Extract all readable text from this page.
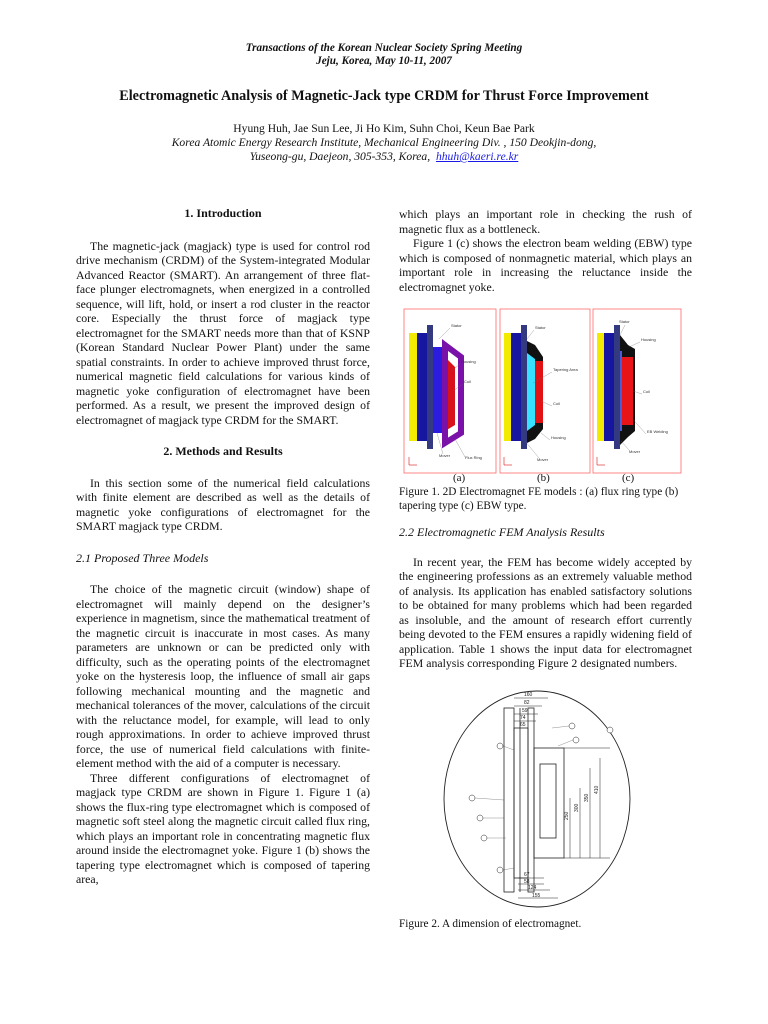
Transactions of the Korean Nuclear Society Spring Meeting
Jeju, Korea, May 10-11, 2007
Electromagnetic Analysis of Magnetic-Jack type CRDM for Thrust Force Improvement
Hyung Huh, Jae Sun Lee, Ji Ho Kim, Suhn Choi, Keun Bae Park
Korea Atomic Energy Research Institute, Mechanical Engineering Div. , 150 Deokjin-dong,
Yuseong-gu, Daejeon, 305-353, Korea, hhuh@kaeri.re.kr

1. Introduction

The magnetic-jack (magjack) type is used for control rod drive mechanism (CRDM) of the System-integrated Modular Advanced Reactor (SMART). An arrangement of three flat-face plunger electromagnets, when energized in a controlled sequence, will lift, hold, or insert a rod cluster in the reactor core. Especially the thrust force of magjack type electromagnet for the SMART needs more than that of KSNP (Korean Standard Nuclear Power Plant) under the same spatial constraints. In order to achieve improved thrust force, numerical magnetic field calculations for various kinds of magnetic yoke configuration of electromagnet have been performed. As a result, we present the improved design of electromagnet of magjack type CRDM for the SMART.

2. Methods and Results

In this section some of the numerical field calculations with finite element are described as well as the details of magnetic yoke configurations of electromagnet for the SMART magjack type CRDM.

2.1 Proposed Three Models

The choice of the magnetic circuit (window) shape of electromagnet will mainly depend on the designer’s experience in magnetism, since the mathematical treatment of the magnetic circuit is inaccurate in most cases. As many parameters are unknown or can be predicted only with difficulty, such as the operating points of the electromagnet yoke on the hysteresis loop, the influence of small air gaps following mechanical mounting and the magnetic and mechanical tolerances of the mover, calculations of the circuit with the reluctance model, for example, will lead to only rough approximations. In order to achieve improved thrust force, the use of numerical field calculations with finite-element method with the aid of a computer is necessary.

Three different configurations of electromagnet of magjack type CRDM are shown in Figure 1. Figure 1 (a) shows the flux-ring type electromagnet which is composed of magnetic soft steel along the magnetic circuit called flux ring, which plays an important role in concentrating magnetic flux around inside the electromagnet yoke. Figure 1 (b) shows the tapering type electromagnet which is composed of tapering area,

which plays an important role in checking the rush of magnetic flux as a bottleneck.

Figure 1 (c) shows the electron beam welding (EBW) type which is composed of nonmagnetic material, which plays an important role in increasing the reluctance inside the electromagnet yoke.

Stator
Housing
Coil
Mover	Flux Ring
Stator
Tapering Area
Coil
Housing
Mover
Stator
Housing
Coil
EB Welding
Mover
(a)	(b)	(c)
Figure 1. 2D Electromagnet FE models : (a) flux ring type (b) tapering type (c) EBW type.

2.2 Electromagnetic FEM Analysis Results

In recent year, the FEM has become widely accepted by the engineering professions as an extremely valuable method of analysis. Its application has enabled satisfactory solutions to be obtained for many problems which had been regarded as insoluble, and the amount of research effort currently being devoted to the FEM ensures a rapidly widening field of application. Table 1 shows the input data for electromagnet FEM analysis corresponding Figure 2 designated numbers.

160
82
59
74
65
250
300
350
410
67
58
124
155
Figure 2. A dimension of electromagnet.
